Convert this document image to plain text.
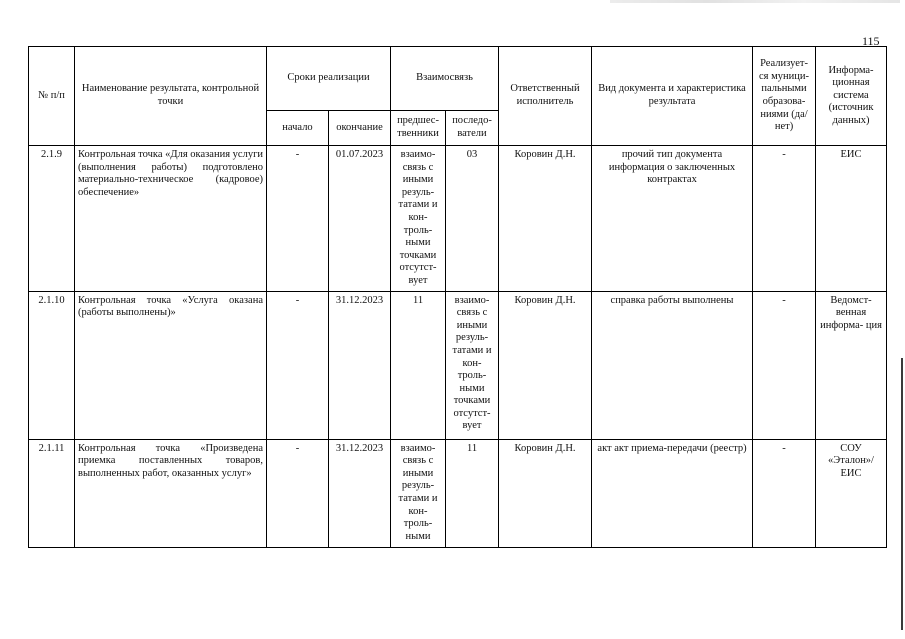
115
№ п/п	Наименование результата, контрольной точки	Сроки реализации		Взаимосвязь		Ответственный исполнитель	Вид документа и характеристика результата	Реализует- ся муници- пальными образова- ниями (да/нет)	Информа- ционная система (источник данных)
		начало	окончание	предшес- твенники	последо- ватели				
2.1.9	Контрольная точка «Для оказания услуги (выполнения работы) подготовлено материально-техническое (кадровое) обеспечение»	-	01.07.2023	взаимо- связь с иными резуль- татами и кон- троль- ными точками отсутст- вует	03	Коровин Д.Н.	прочий тип документа информация о заключенных контрактах	-	ЕИС
2.1.10	Контрольная точка «Услуга оказана (работы выполнены)»	-	31.12.2023	11	взаимо- связь с иными резуль- татами и кон- троль- ными точками отсутст- вует	Коровин Д.Н.	справка работы выполнены	-	Ведомст- венная информа- ция
2.1.11	Контрольная точка «Произведена приемка поставленных товаров, выполненных работ, оказанных услуг»	-	31.12.2023	взаимо- связь с иными резуль- татами и кон- троль- ными	11	Коровин Д.Н.	акт акт приема-передачи (реестр)	-	СОУ «Эталон»/ ЕИС
